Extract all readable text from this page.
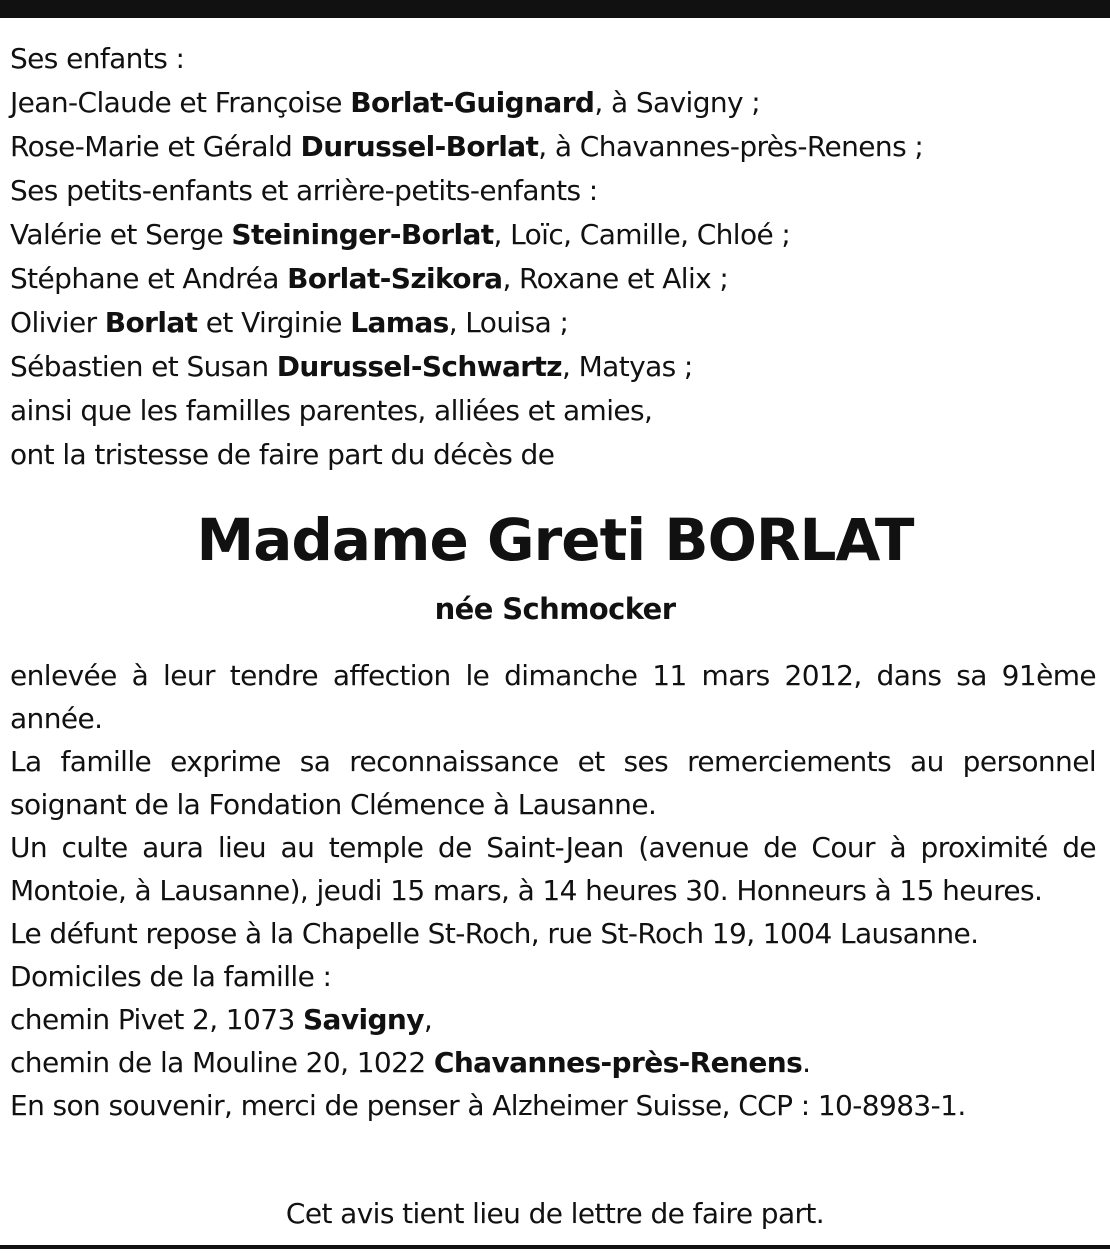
Ses enfants :
Jean-Claude et Françoise Borlat-Guignard, à Savigny ;
Rose-Marie et Gérald Durussel-Borlat, à Chavannes-près-Renens ;
Ses petits-enfants et arrière-petits-enfants :
Valérie et Serge Steininger-Borlat, Loïc, Camille, Chloé ;
Stéphane et Andréa Borlat-Szikora, Roxane et Alix ;
Olivier Borlat et Virginie Lamas, Louisa ;
Sébastien et Susan Durussel-Schwartz, Matyas ;
ainsi que les familles parentes, alliées et amies,
ont la tristesse de faire part du décès de
Madame Greti BORLAT
née Schmocker
enlevée à leur tendre affection le dimanche 11 mars 2012, dans sa 91ème année.
La famille exprime sa reconnaissance et ses remerciements au personnel soignant de la Fondation Clémence à Lausanne.
Un culte aura lieu au temple de Saint-Jean (avenue de Cour à proximité de Montoie, à Lausanne), jeudi 15 mars, à 14 heures 30. Honneurs à 15 heures.
Le défunt repose à la Chapelle St-Roch, rue St-Roch 19, 1004 Lausanne.
Domiciles de la famille :
chemin Pivet 2, 1073 Savigny,
chemin de la Mouline 20, 1022 Chavannes-près-Renens.
En son souvenir, merci de penser à Alzheimer Suisse, CCP : 10-8983-1.
Cet avis tient lieu de lettre de faire part.
